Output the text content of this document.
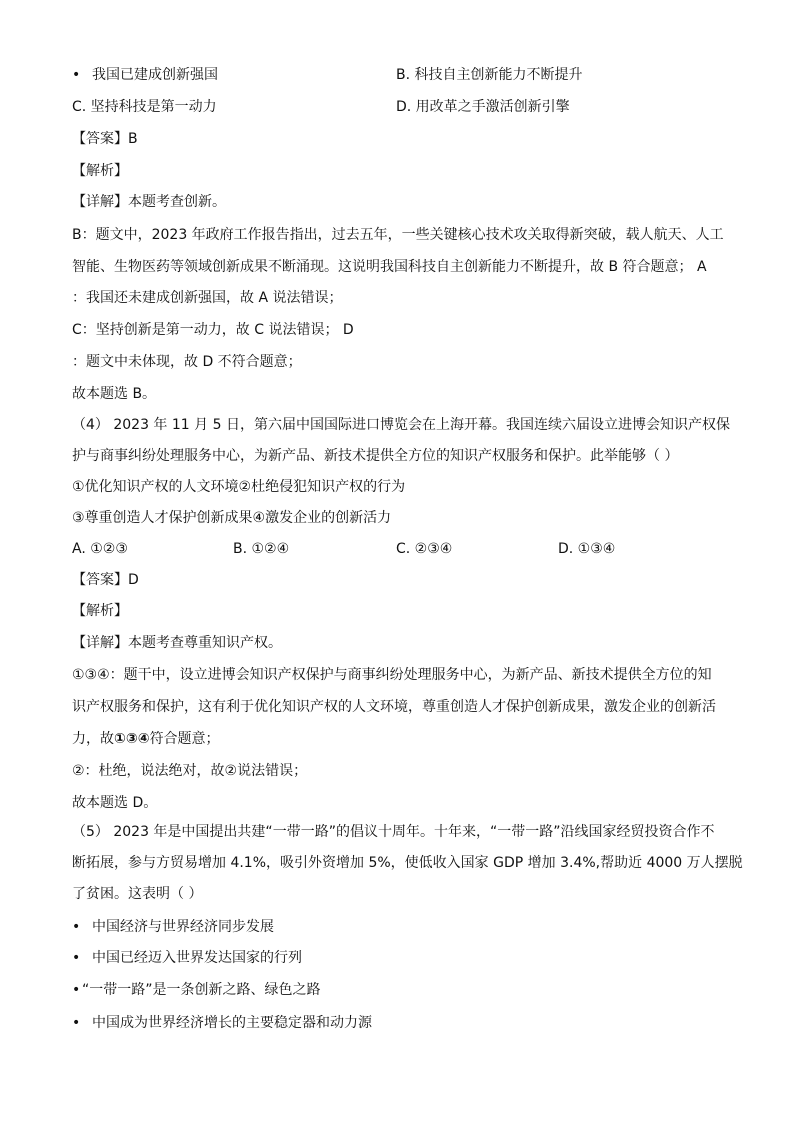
• 我国已建成创新强国	B. 科技自主创新能力不断提升
C. 坚持科技是第一动力	D. 用改革之手激活创新引擎
【答案】B
【解析】
【详解】本题考查创新。
B：题文中，2023 年政府工作报告指出，过去五年，一些关键核心技术攻关取得新突破，载人航天、人工
智能、生物医药等领域创新成果不断涌现。这说明我国科技自主创新能力不断提升，故 B 符合题意； A
：我国还未建成创新强国，故 A 说法错误；
C：坚持创新是第一动力，故 C 说法错误； D
：题文中未体现，故 D 不符合题意；
故本题选 B。
（4） 2023 年 11 月 5 日，第六届中国国际进口博览会在上海开幕。我国连续六届设立进博会知识产权保
护与商事纠纷处理服务中心，为新产品、新技术提供全方位的知识产权服务和保护。此举能够（ ）
①优化知识产权的人文环境②杜绝侵犯知识产权的行为
③尊重创造人才保护创新成果④激发企业的创新活力
A. ①②③	B. ①②④	C. ②③④	D. ①③④
【答案】D
【解析】
【详解】本题考查尊重知识产权。
①③④：题干中，设立进博会知识产权保护与商事纠纷处理服务中心，为新产品、新技术提供全方位的知
识产权服务和保护，这有利于优化知识产权的人文环境，尊重创造人才保护创新成果，激发企业的创新活
力，故①③④符合题意；
②：杜绝，说法绝对，故②说法错误；
故本题选 D。
（5） 2023 年是中国提出共建“一带一路”的倡议十周年。十年来，“一带一路”沿线国家经贸投资合作不
断拓展，参与方贸易增加 4.1%，吸引外资增加 5%，使低收入国家 GDP 增加 3.4%,帮助近 4000 万人摆脱
了贫困。这表明（ ）
• 中国经济与世界经济同步发展
• 中国已经迈入世界发达国家的行列
• “一带一路”是一条创新之路、绿色之路
• 中国成为世界经济增长的主要稳定器和动力源
